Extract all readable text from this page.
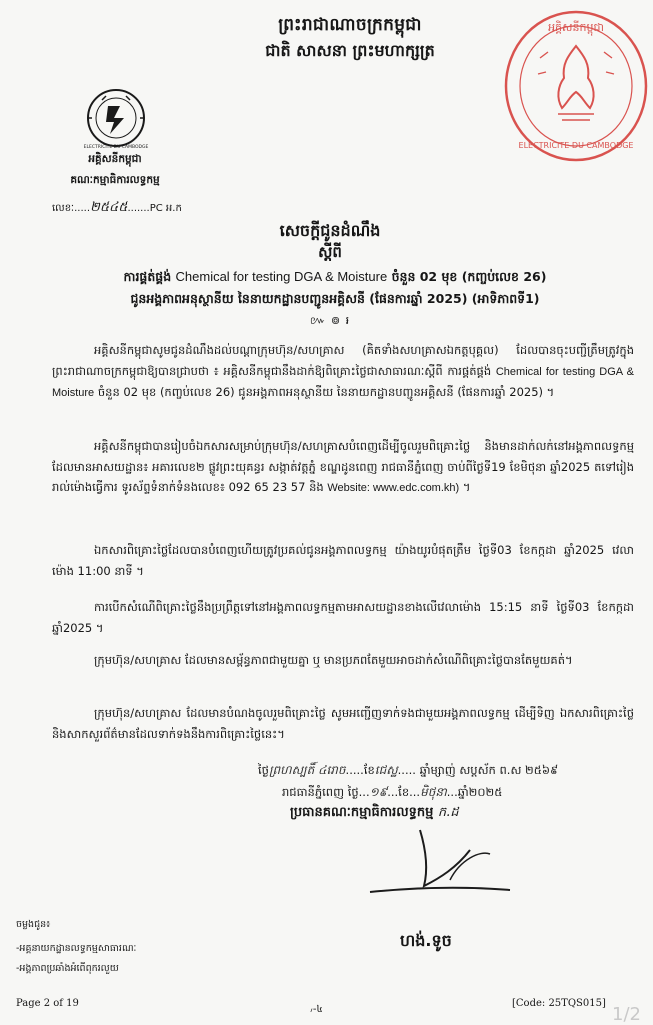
អគ្គិសនីកម្ពុជា
ELECTRICITE DU CAMBODGE
ព្រះរាជាណាចក្រកម្ពុជា
ជាតិ សាសនា ព្រះមហាក្សត្រ
ELECTRICITE DU CAMBODGE
អគ្គិសនីកម្ពុជា
គណៈកម្មាធិការលទ្ធកម្ម
លេខៈ.....២៥៤៥.......PC អ.ក
សេចក្តីជូនដំណឹង
ស្តីពី
ការផ្គត់ផ្គង់ Chemical for testing DGA & Moisture ចំនួន 02 មុខ (កញ្ចប់លេខ 26)
ជូនអង្គភាពអនុស្ថានីយ នៃនាយកដ្ឋានបញ្ជូនអគ្គិសនី (ផែនការឆ្នាំ 2025) (អាទិភាពទី1)
៚ ៙ ៛
អគ្គិសនីកម្ពុជាសូមជូនដំណឹងដល់បណ្តាក្រុមហ៊ុន/សហគ្រាស (គិតទាំងសហគ្រាសឯកត្តបុគ្គល) ដែលបានចុះបញ្ជីត្រឹមត្រូវក្នុងព្រះរាជាណាចក្រកម្ពុជាឱ្យបានជ្រាបថា ៖ អគ្គិសនីកម្ពុជានឹងដាក់ឱ្យពិគ្រោះថ្លៃជាសាធារណៈស្តីពី ការផ្គត់ផ្គង់ Chemical for testing DGA & Moisture ចំនួន 02 មុខ (កញ្ចប់លេខ 26) ជូនអង្គភាពអនុស្ថានីយ នៃនាយកដ្ឋានបញ្ជូនអគ្គិសនី (ផែនការឆ្នាំ 2025) ។
អគ្គិសនីកម្ពុជាបានរៀបចំឯកសារសម្រាប់ក្រុមហ៊ុន/សហគ្រាសបំពេញដើម្បីចូលរួមពិគ្រោះថ្លៃ និងមានដាក់លក់នៅអង្គភាពលទ្ធកម្ម ដែលមានអាសយដ្ឋាន៖ អគារលេខ២ ផ្លូវព្រះយុគន្ធរ សង្កាត់វត្តភ្នំ ខណ្ឌដូនពេញ រាជធានីភ្នំពេញ ចាប់ពីថ្ងៃទី19 ខែមិថុនា ឆ្នាំ2025 តទៅរៀងរាល់ម៉ោងធ្វើការ ទូរស័ព្ទទំនាក់ទំនងលេខ៖ 092 65 23 57 និង Website: www.edc.com.kh) ។
ឯកសារពិគ្រោះថ្លៃដែលបានបំពេញហើយត្រូវប្រគល់ជូនអង្គភាពលទ្ធកម្ម យ៉ាងយូរបំផុតត្រឹម ថ្ងៃទី03 ខែកក្កដា ឆ្នាំ2025 វេលាម៉ោង 11:00 នាទី ។
ការបើកសំណើពិគ្រោះថ្លៃនឹងប្រព្រឹត្តទៅនៅអង្គភាពលទ្ធកម្មតាមអាសយដ្ឋានខាងលើវេលាម៉ោង 15:15 នាទី ថ្ងៃទី03 ខែកក្កដា ឆ្នាំ2025 ។
ក្រុមហ៊ុន/សហគ្រាស ដែលមានសម្ព័ន្ធភាពជាមួយគ្នា ឬ មានប្រភពតែមួយអាចដាក់សំណើពិគ្រោះថ្លៃបានតែមួយគត់។
ក្រុមហ៊ុន/សហគ្រាស ដែលមានបំណងចូលរួមពិគ្រោះថ្លៃ សូមអញ្ជើញទាក់ទងជាមួយអង្គភាពលទ្ធកម្ម ដើម្បីទិញ ឯកសារពិគ្រោះថ្លៃ និងសាកសួរព័ត៌មានដែលទាក់ទងនឹងការពិគ្រោះថ្លៃនេះ។
ថ្ងៃព្រហស្បតិ៍ ៤រោច.....ខែជេស្ឋ..... ឆ្នាំម្សាញ់ សប្តស័ក ព.ស ២៥៦៩
រាជធានីភ្នំពេញ ថ្ងៃ...១៩...ខែ...មិថុនា...ឆ្នាំ២០២៥
ប្រធានគណៈកម្មាធិការលទ្ធកម្ម ក.ដ
ហង់.ទូច
ចម្លងជូន៖
-អគ្គនាយកដ្ឋានលទ្ធកម្មសាធារណៈ
-អង្គភាពប្រឆាំងអំពើពុករលួយ
Page 2 of 19
៸-៤
[Code: 25TQS015]
1/2
